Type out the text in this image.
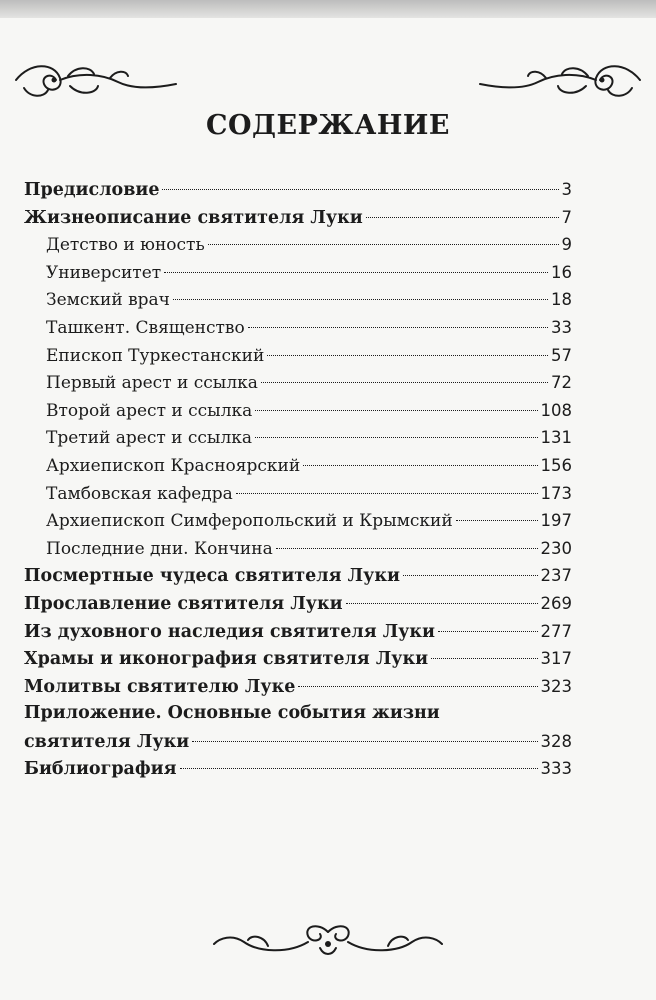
СОДЕРЖАНИЕ
Предисловие	3
Жизнеописание святителя Луки	7
Детство и юность	9
Университет	16
Земский врач	18
Ташкент. Священство	33
Епископ Туркестанский	57
Первый арест и ссылка	72
Второй арест и ссылка	108
Третий арест и ссылка	131
Архиепископ Красноярский	156
Тамбовская кафедра	173
Архиепископ Симферопольский и Крымский	197
Последние дни. Кончина	230
Посмертные чудеса святителя Луки	237
Прославление святителя Луки	269
Из духовного наследия святителя Луки	277
Храмы и иконография святителя Луки	317
Молитвы святителю Луке	323
Приложение. Основные события жизни
святителя Луки	328
Библиография	333
